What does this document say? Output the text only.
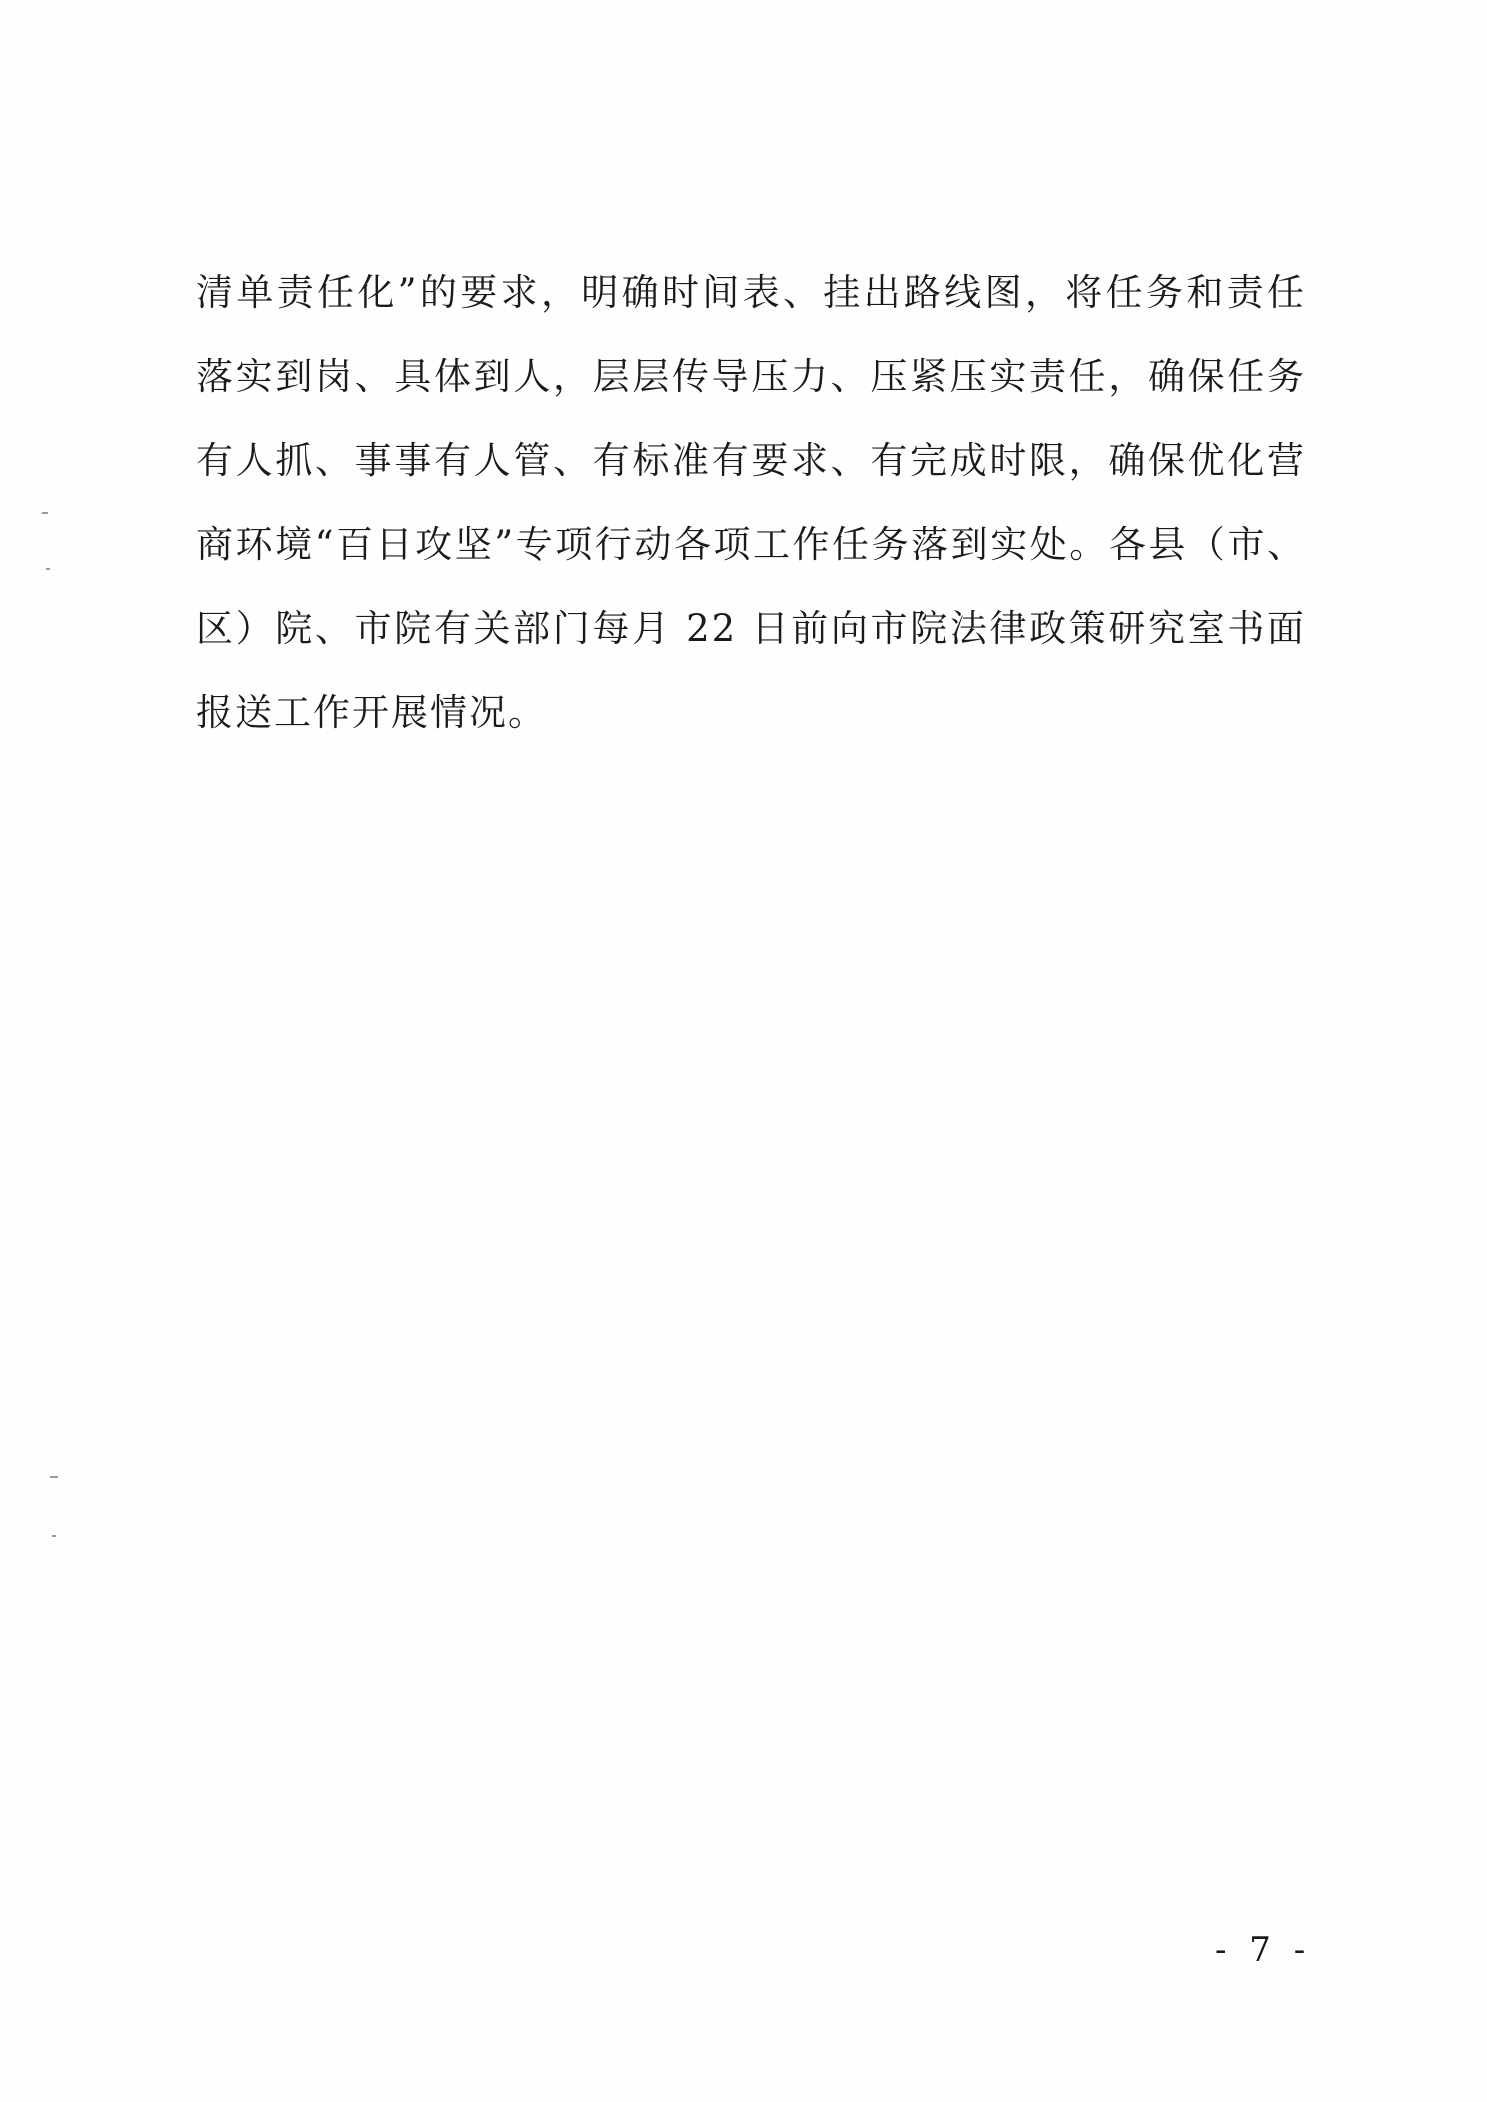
清单责任化”的要求，明确时间表、挂出路线图，将任务和责任
落实到岗、具体到人，层层传导压力、压紧压实责任，确保任务
有人抓、事事有人管、有标准有要求、有完成时限，确保优化营
商环境“百日攻坚”专项行动各项工作任务落到实处。各县（市、
区）院、市院有关部门每月 22 日前向市院法律政策研究室书面
报送工作开展情况。
- 7 -
